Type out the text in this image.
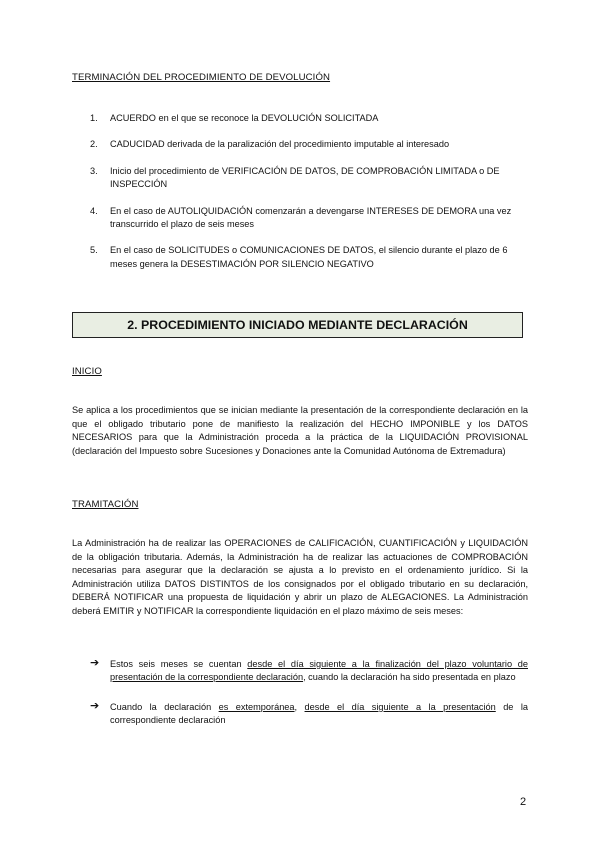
TERMINACIÓN DEL PROCEDIMIENTO DE DEVOLUCIÓN
1. ACUERDO en el que se reconoce la DEVOLUCIÓN SOLICITADA
2. CADUCIDAD derivada de la paralización del procedimiento imputable al interesado
3. Inicio del procedimiento de VERIFICACIÓN DE DATOS, DE COMPROBACIÓN LIMITADA o DE INSPECCIÓN
4. En el caso de AUTOLIQUIDACIÓN comenzarán a devengarse INTERESES DE DEMORA una vez transcurrido el plazo de seis meses
5. En el caso de SOLICITUDES o COMUNICACIONES DE DATOS, el silencio durante el plazo de 6 meses genera la DESESTIMACIÓN POR SILENCIO NEGATIVO
2. PROCEDIMIENTO INICIADO MEDIANTE DECLARACIÓN
INICIO

Se aplica a los procedimientos que se inician mediante la presentación de la correspondiente declaración en la que el obligado tributario pone de manifiesto la realización del HECHO IMPONIBLE y los DATOS NECESARIOS para que la Administración proceda a la práctica de la LIQUIDACIÓN PROVISIONAL (declaración del Impuesto sobre Sucesiones y Donaciones ante la Comunidad Autónoma de Extremadura)

TRAMITACIÓN

La Administración ha de realizar las OPERACIONES de CALIFICACIÓN, CUANTIFICACIÓN y LIQUIDACIÓN de la obligación tributaria. Además, la Administración ha de realizar las actuaciones de COMPROBACIÓN necesarias para asegurar que la declaración se ajusta a lo previsto en el ordenamiento jurídico. Si la Administración utiliza DATOS DISTINTOS de los consignados por el obligado tributario en su declaración, DEBERÁ NOTIFICAR una propuesta de liquidación y abrir un plazo de ALEGACIONES. La Administración deberá EMITIR y NOTIFICAR la correspondiente liquidación en el plazo máximo de seis meses:

➔ Estos seis meses se cuentan desde el día siguiente a la finalización del plazo voluntario de presentación de la correspondiente declaración, cuando la declaración ha sido presentada en plazo
➔ Cuando la declaración es extemporánea, desde el día siguiente a la presentación de la correspondiente declaración
2
